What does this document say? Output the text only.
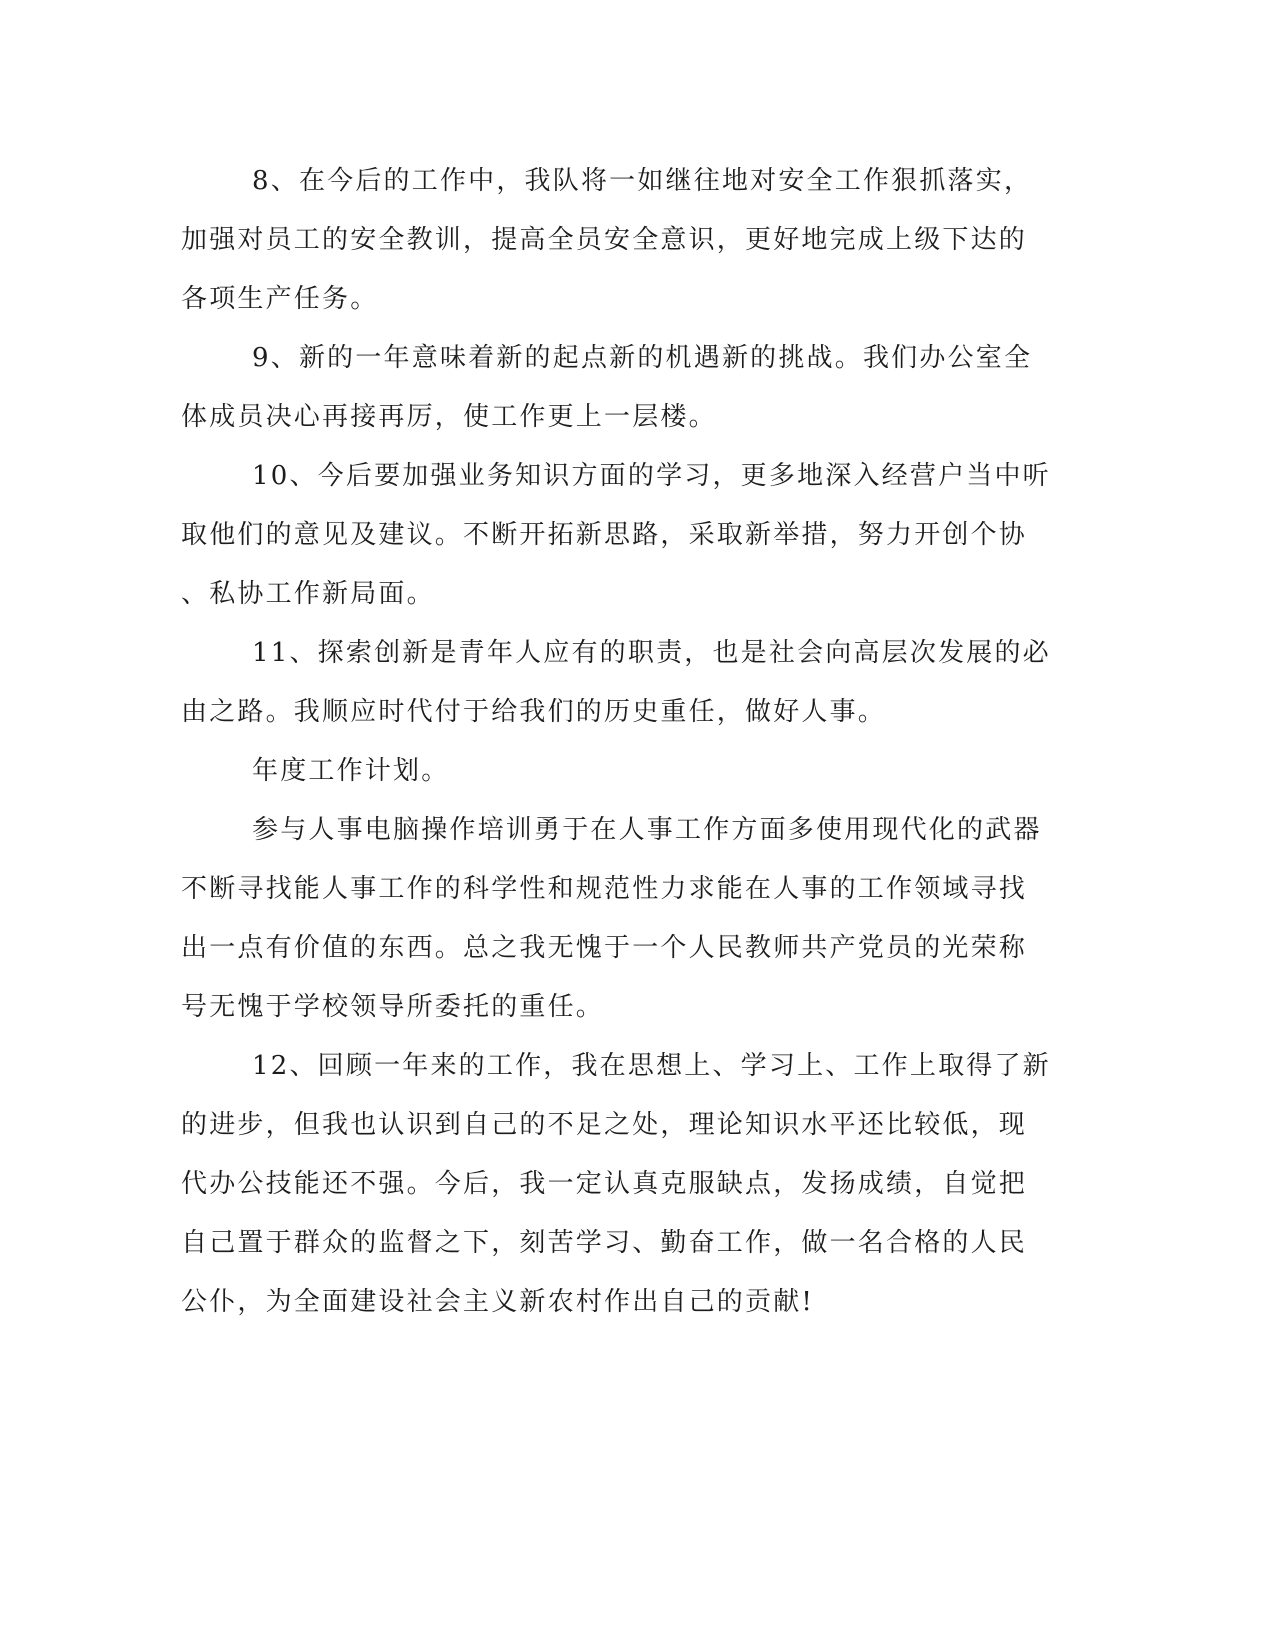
8、在今后的工作中，我队将一如继往地对安全工作狠抓落实，
加强对员工的安全教训，提高全员安全意识，更好地完成上级下达的
各项生产任务。

9、新的一年意味着新的起点新的机遇新的挑战。我们办公室全
体成员决心再接再厉，使工作更上一层楼。

10、今后要加强业务知识方面的学习，更多地深入经营户当中听
取他们的意见及建议。不断开拓新思路，采取新举措，努力开创个协
、私协工作新局面。

11、探索创新是青年人应有的职责，也是社会向高层次发展的必
由之路。我顺应时代付于给我们的历史重任，做好人事。

年度工作计划。

参与人事电脑操作培训勇于在人事工作方面多使用现代化的武器
不断寻找能人事工作的科学性和规范性力求能在人事的工作领域寻找
出一点有价值的东西。总之我无愧于一个人民教师共产党员的光荣称
号无愧于学校领导所委托的重任。

12、回顾一年来的工作，我在思想上、学习上、工作上取得了新
的进步，但我也认识到自己的不足之处，理论知识水平还比较低，现
代办公技能还不强。今后，我一定认真克服缺点，发扬成绩，自觉把
自己置于群众的监督之下，刻苦学习、勤奋工作，做一名合格的人民
公仆，为全面建设社会主义新农村作出自己的贡献!
